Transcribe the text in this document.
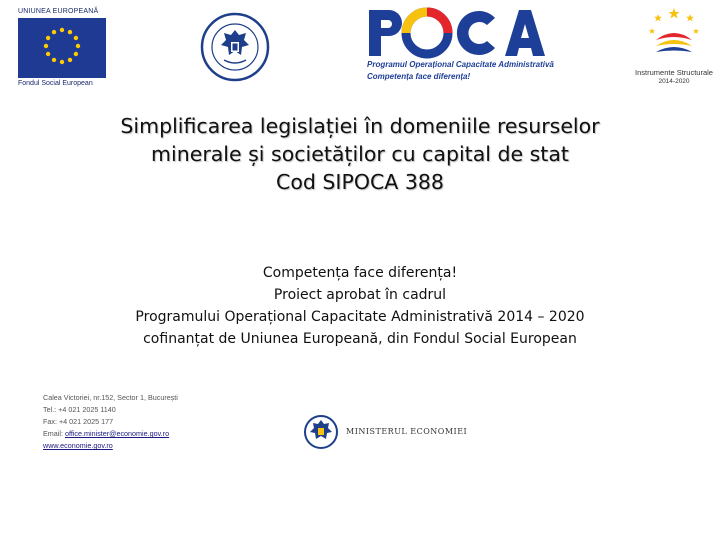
UNIUNEA EUROPEANĂ
Fondul Social European
Programul Operațional Capacitate Administrativă
Competența face diferența!	Instrumente Structurale
2014-2020
Simplificarea legislației în domeniile resurselor
minerale și societăților cu capital de stat
Cod SIPOCA 388
Competența face diferența!
Proiect aprobat în cadrul
Programului Operațional Capacitate Administrativă 2014 – 2020
cofinanțat de Uniunea Europeană, din Fondul Social European
Calea Victoriei, nr.152, Sector 1, București
Tel.: +4 021 2025 1140
Fax: +4 021 2025 177
Email: office.minister@economie.gov.ro
www.economie.gov.ro
MINISTERUL ECONOMIEI
